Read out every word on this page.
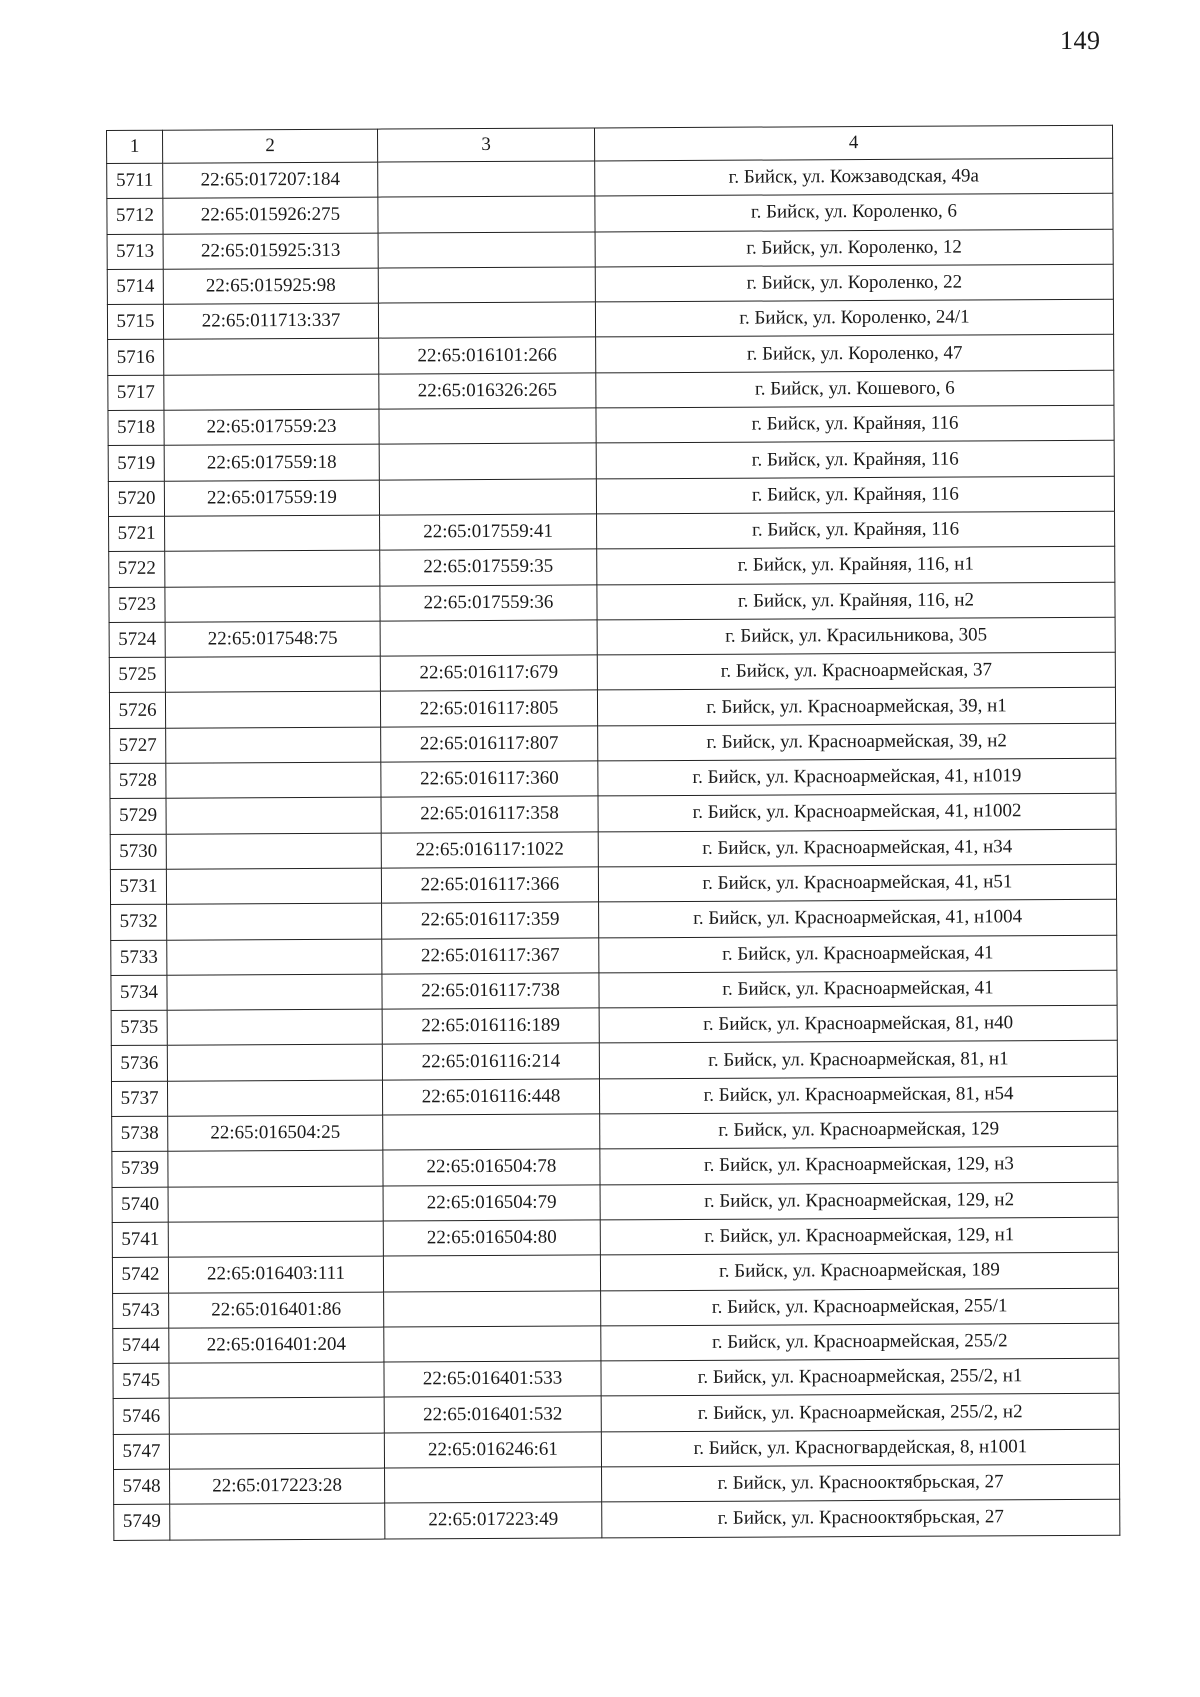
149
1	2	3	4
5711	22:65:017207:184		г. Бийск, ул. Кожзаводская, 49а
5712	22:65:015926:275		г. Бийск, ул. Короленко, 6
5713	22:65:015925:313		г. Бийск, ул. Короленко, 12
5714	22:65:015925:98		г. Бийск, ул. Короленко, 22
5715	22:65:011713:337		г. Бийск, ул. Короленко, 24/1
5716		22:65:016101:266	г. Бийск, ул. Короленко, 47
5717		22:65:016326:265	г. Бийск, ул. Кошевого, 6
5718	22:65:017559:23		г. Бийск, ул. Крайняя, 116
5719	22:65:017559:18		г. Бийск, ул. Крайняя, 116
5720	22:65:017559:19		г. Бийск, ул. Крайняя, 116
5721		22:65:017559:41	г. Бийск, ул. Крайняя, 116
5722		22:65:017559:35	г. Бийск, ул. Крайняя, 116, н1
5723		22:65:017559:36	г. Бийск, ул. Крайняя, 116, н2
5724	22:65:017548:75		г. Бийск, ул. Красильникова, 305
5725		22:65:016117:679	г. Бийск, ул. Красноармейская, 37
5726		22:65:016117:805	г. Бийск, ул. Красноармейская, 39, н1
5727		22:65:016117:807	г. Бийск, ул. Красноармейская, 39, н2
5728		22:65:016117:360	г. Бийск, ул. Красноармейская, 41, н1019
5729		22:65:016117:358	г. Бийск, ул. Красноармейская, 41, н1002
5730		22:65:016117:1022	г. Бийск, ул. Красноармейская, 41, н34
5731		22:65:016117:366	г. Бийск, ул. Красноармейская, 41, н51
5732		22:65:016117:359	г. Бийск, ул. Красноармейская, 41, н1004
5733		22:65:016117:367	г. Бийск, ул. Красноармейская, 41
5734		22:65:016117:738	г. Бийск, ул. Красноармейская, 41
5735		22:65:016116:189	г. Бийск, ул. Красноармейская, 81, н40
5736		22:65:016116:214	г. Бийск, ул. Красноармейская, 81, н1
5737		22:65:016116:448	г. Бийск, ул. Красноармейская, 81, н54
5738	22:65:016504:25		г. Бийск, ул. Красноармейская, 129
5739		22:65:016504:78	г. Бийск, ул. Красноармейская, 129, н3
5740		22:65:016504:79	г. Бийск, ул. Красноармейская, 129, н2
5741		22:65:016504:80	г. Бийск, ул. Красноармейская, 129, н1
5742	22:65:016403:111		г. Бийск, ул. Красноармейская, 189
5743	22:65:016401:86		г. Бийск, ул. Красноармейская, 255/1
5744	22:65:016401:204		г. Бийск, ул. Красноармейская, 255/2
5745		22:65:016401:533	г. Бийск, ул. Красноармейская, 255/2, н1
5746		22:65:016401:532	г. Бийск, ул. Красноармейская, 255/2, н2
5747		22:65:016246:61	г. Бийск, ул. Красногвардейская, 8, н1001
5748	22:65:017223:28		г. Бийск, ул. Краснооктябрьская, 27
5749		22:65:017223:49	г. Бийск, ул. Краснооктябрьская, 27
